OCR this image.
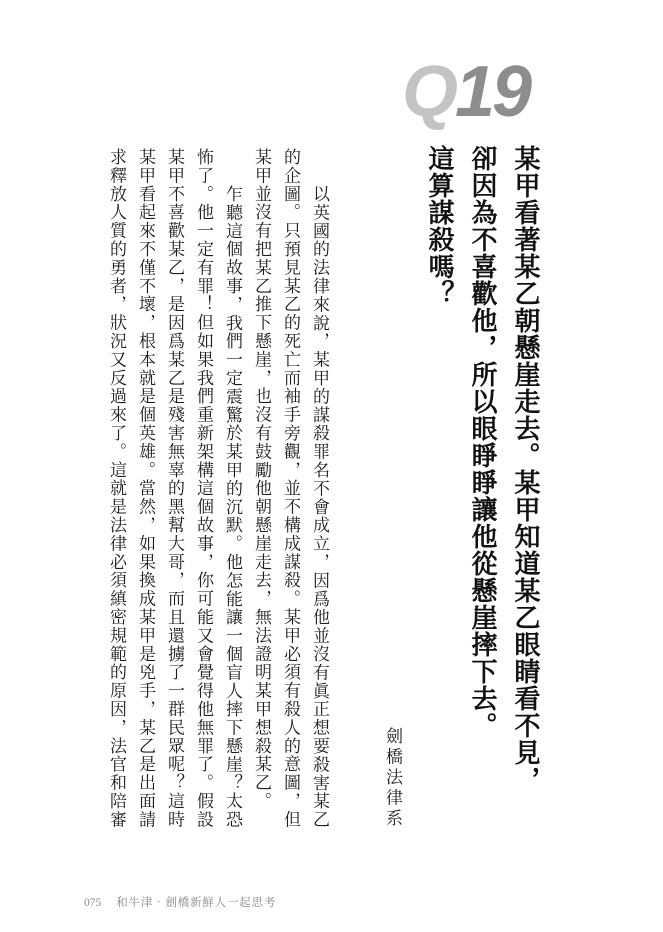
Q19
某甲看著某乙朝懸崖走去。某甲知道某乙眼睛看不見，
卻因為不喜歡他，所以眼睜睜讓他從懸崖摔下去。
這算謀殺嗎？
劍橋法律系
以英國的法律來說，某甲的謀殺罪名不會成立，因爲他並沒有眞正想要殺害某乙
的企圖。只預見某乙的死亡而袖手旁觀，並不構成謀殺。某甲必須有殺人的意圖，但
某甲並沒有把某乙推下懸崖，也沒有鼓勵他朝懸崖走去，無法證明某甲想殺某乙。
乍聽這個故事，我們一定震驚於某甲的沉默。他怎能讓一個盲人摔下懸崖？太恐
怖了。他一定有罪！但如果我們重新架構這個故事，你可能又會覺得他無罪了。假設
某甲不喜歡某乙，是因爲某乙是殘害無辜的黑幫大哥，而且還擄了一群民眾呢？這時
某甲看起來不僅不壞，根本就是個英雄。當然，如果換成某甲是兇手，某乙是出面請
求釋放人質的勇者，狀況又反過來了。這就是法律必須縝密規範的原因，法官和陪審
075 和牛津‧劍橋新鮮人一起思考
